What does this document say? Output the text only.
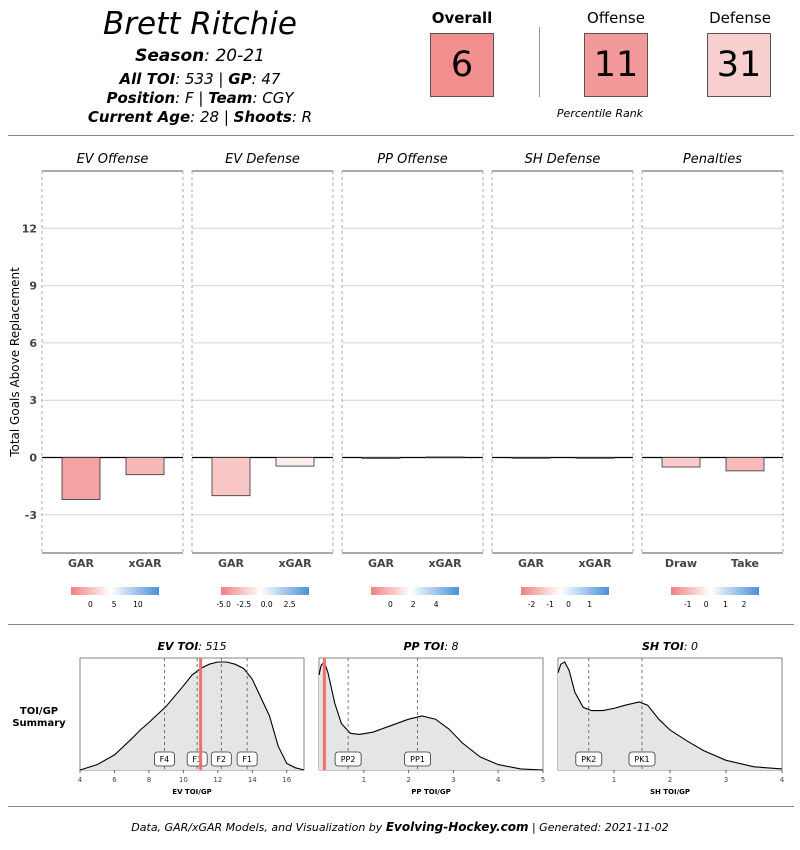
Brett Ritchie
Season: 20-21
All TOI: 533 | GP: 47
Position: F | Team: CGY
Current Age: 28 | Shoots: R
Overall
6
Offense
11
Defense
31
Percentile Rank
Total Goals Above Replacement
-3
0
3
6
9
12
EV Offense
GAR	xGAR
0	5 10
EV Defense
GAR	xGAR
-5.0 -2.5 0.0 2.5
PP Offense
GAR	xGAR
0 2 4
SH Defense
GAR	xGAR
-2 -1 0 1
Penalties
Draw	Take
-1 0 1 2
TOI/GP
Summary
EV TOI: 515
F4	F3 F2 F1
4	6	8	10	12	14	16
EV TOI/GP
PP TOI: 8
PP2	PP1
1	2	3	4	5
PP TOI/GP
SH TOI: 0
PK2	PK1
1	2	3	4
SH TOI/GP
Data, GAR/xGAR Models, and Visualization by Evolving-Hockey.com | Generated: 2021-11-02
